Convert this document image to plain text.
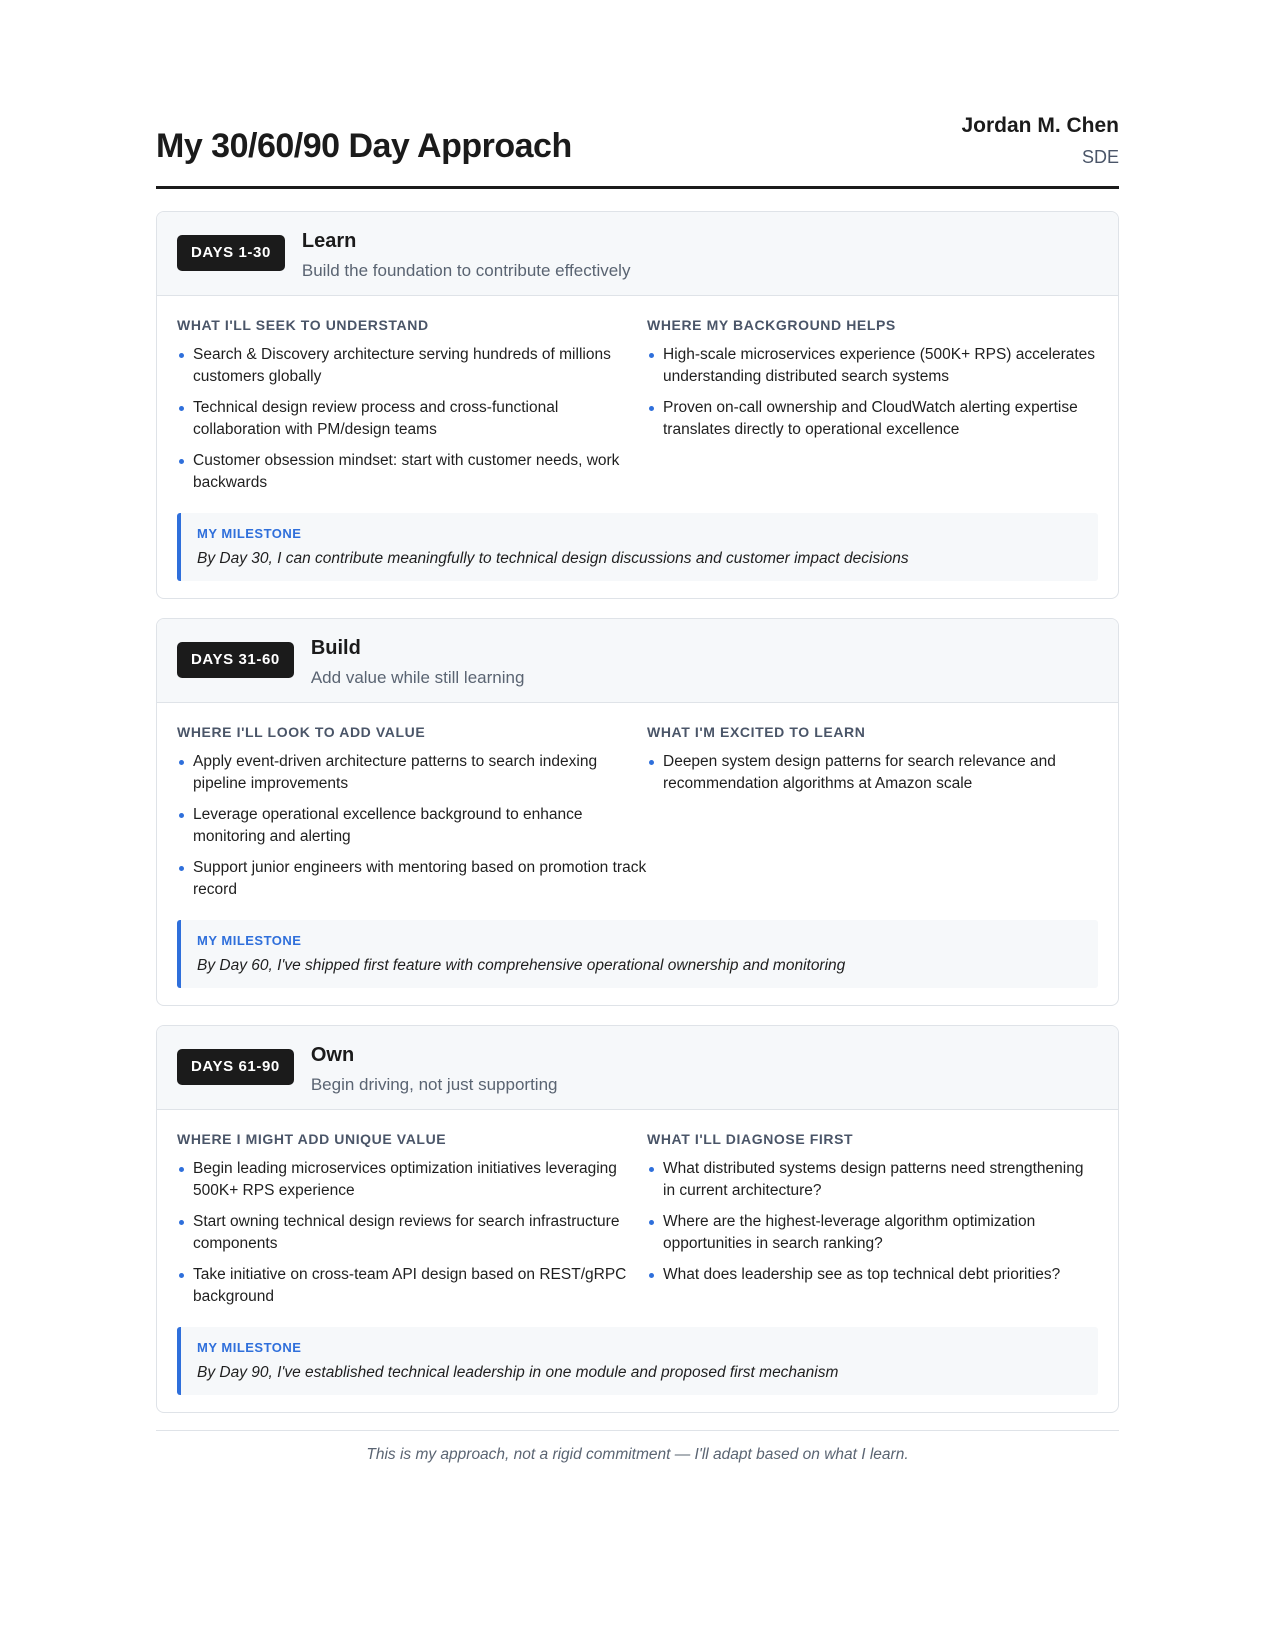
My 30/60/90 Day Approach
Jordan M. Chen
SDE
DAYS 1-30
Learn
Build the foundation to contribute effectively
WHAT I'LL SEEK TO UNDERSTAND
Search & Discovery architecture serving hundreds of millions customers globally
Technical design review process and cross-functional collaboration with PM/design teams
Customer obsession mindset: start with customer needs, work backwards
WHERE MY BACKGROUND HELPS
High-scale microservices experience (500K+ RPS) accelerates understanding distributed search systems
Proven on-call ownership and CloudWatch alerting expertise translates directly to operational excellence
MY MILESTONE
By Day 30, I can contribute meaningfully to technical design discussions and customer impact decisions
DAYS 31-60
Build
Add value while still learning
WHERE I'LL LOOK TO ADD VALUE
Apply event-driven architecture patterns to search indexing pipeline improvements
Leverage operational excellence background to enhance monitoring and alerting
Support junior engineers with mentoring based on promotion track record
WHAT I'M EXCITED TO LEARN
Deepen system design patterns for search relevance and recommendation algorithms at Amazon scale
MY MILESTONE
By Day 60, I've shipped first feature with comprehensive operational ownership and monitoring
DAYS 61-90
Own
Begin driving, not just supporting
WHERE I MIGHT ADD UNIQUE VALUE
Begin leading microservices optimization initiatives leveraging 500K+ RPS experience
Start owning technical design reviews for search infrastructure components
Take initiative on cross-team API design based on REST/gRPC background
WHAT I'LL DIAGNOSE FIRST
What distributed systems design patterns need strengthening in current architecture?
Where are the highest-leverage algorithm optimization opportunities in search ranking?
What does leadership see as top technical debt priorities?
MY MILESTONE
By Day 90, I've established technical leadership in one module and proposed first mechanism
This is my approach, not a rigid commitment — I'll adapt based on what I learn.
